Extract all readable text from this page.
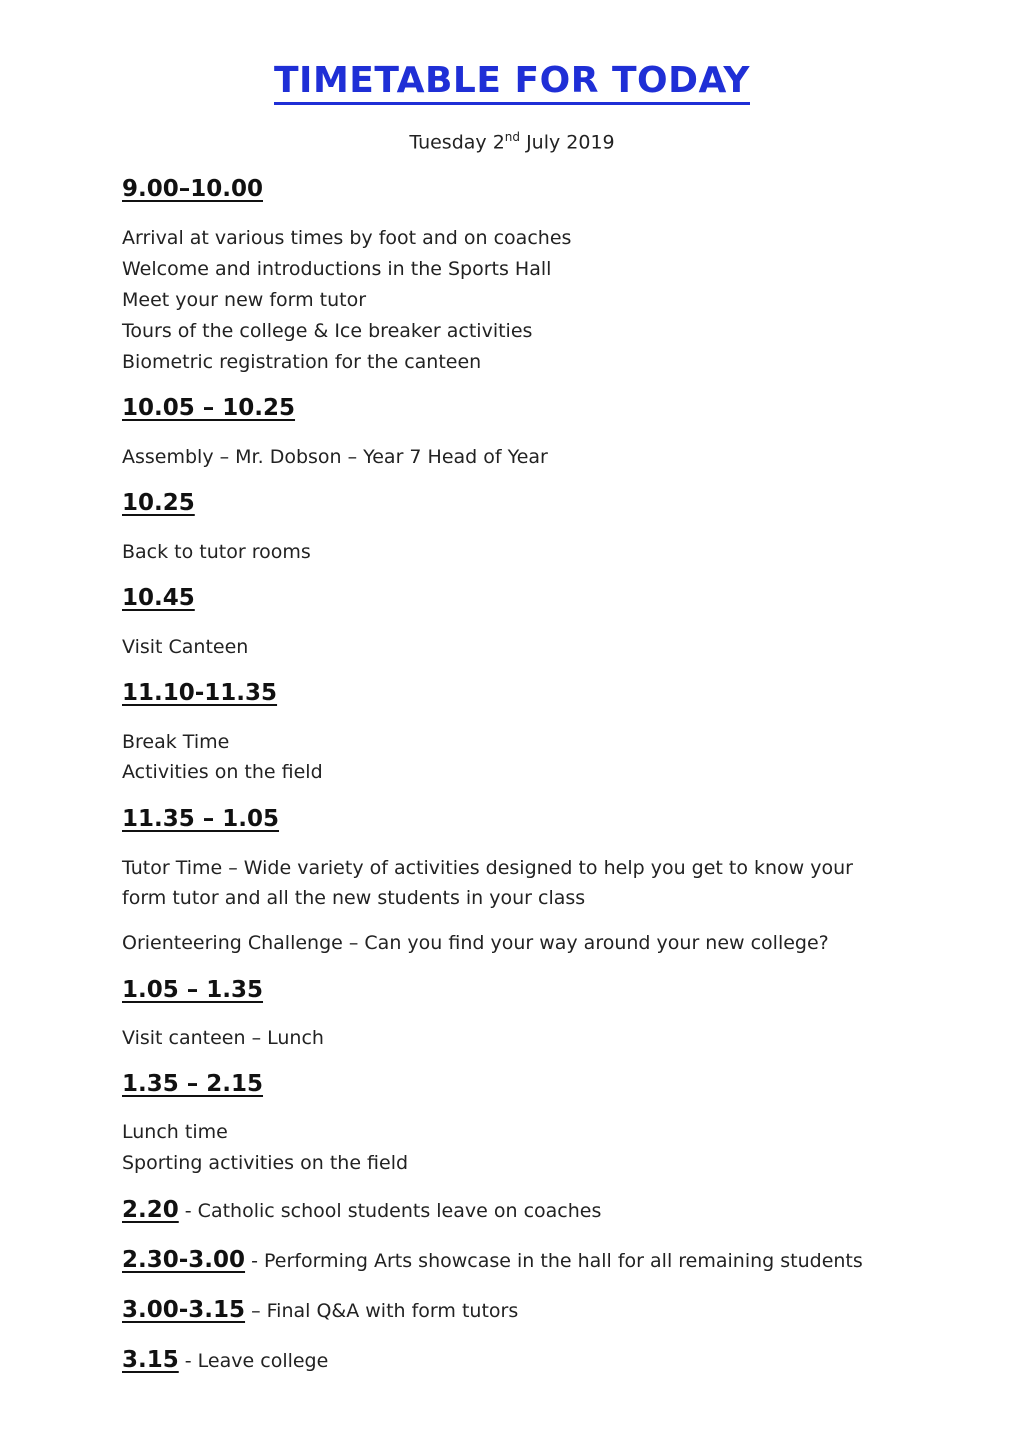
TIMETABLE FOR TODAY
Tuesday 2nd July 2019
9.00–10.00
Arrival at various times by foot and on coaches
Welcome and introductions in the Sports Hall
Meet your new form tutor
Tours of the college & Ice breaker activities
Biometric registration for the canteen
10.05 – 10.25
Assembly – Mr. Dobson – Year 7 Head of Year
10.25
Back to tutor rooms
10.45
Visit Canteen
11.10-11.35
Break Time
Activities on the field
11.35 – 1.05
Tutor Time – Wide variety of activities designed to help you get to know your
form tutor and all the new students in your class
Orienteering Challenge – Can you find your way around your new college?
1.05 – 1.35
Visit canteen – Lunch
1.35 – 2.15
Lunch time
Sporting activities on the field
2.20 - Catholic school students leave on coaches
2.30-3.00 - Performing Arts showcase in the hall for all remaining students
3.00-3.15 – Final Q&A with form tutors
3.15 - Leave college
